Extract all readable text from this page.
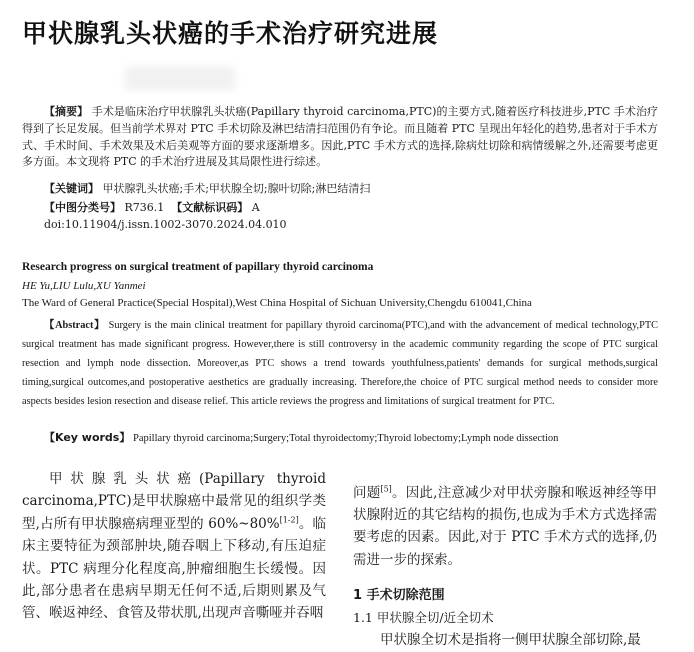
甲状腺乳头状癌的手术治疗研究进展

【摘要】 手术是临床治疗甲状腺乳头状癌(Papillary thyroid carcinoma,PTC)的主要方式,随着医疗科技进步,PTC 手术治疗得到了长足发展。但当前学术界对 PTC 手术切除及淋巴结清扫范围仍有争论。而且随着 PTC 呈现出年轻化的趋势,患者对于手术方式、手术时间、手术效果及术后美观等方面的要求逐渐增多。因此,PTC 手术方式的选择,除病灶切除和病情缓解之外,还需要考虑更多方面。本文现将 PTC 的手术治疗进展及其局限性进行综述。

【关键词】 甲状腺乳头状癌;手术;甲状腺全切;腺叶切除;淋巴结清扫

【中图分类号】 R736.1 【文献标识码】 A

doi:10.11904/j.issn.1002-3070.2024.04.010

Research progress on surgical treatment of papillary thyroid carcinoma

HE Yu,LIU Lulu,XU Yanmei

The Ward of General Practice(Special Hospital),West China Hospital of Sichuan University,Chengdu 610041,China

【Abstract】 Surgery is the main clinical treatment for papillary thyroid carcinoma(PTC),and with the advancement of medical technology,PTC surgical treatment has made significant progress. However,there is still controversy in the academic community regarding the scope of PTC surgical resection and lymph node dissection. Moreover,as PTC shows a trend towards youthfulness,patients' demands for surgical methods,surgical timing,surgical outcomes,and postoperative aesthetics are gradually increasing. Therefore,the choice of PTC surgical method needs to consider more aspects besides lesion resection and disease relief. This article reviews the progress and limitations of surgical treatment for PTC.

【Key words】 Papillary thyroid carcinoma;Surgery;Total thyroidectomy;Thyroid lobectomy;Lymph node dissection

甲状腺乳头状癌(Papillary thyroid carcinoma,PTC)是甲状腺癌中最常见的组织学类型,占所有甲状腺癌病理亚型的 60%~80%[1-2]。临床主要特征为颈部肿块,随吞咽上下移动,有压迫症状。PTC 病理分化程度高,肿瘤细胞生长缓慢。因此,部分患者在患病早期无任何不适,后期则累及气管、喉返神经、食管及带状肌,出现声音嘶哑并吞咽

问题[5]。因此,注意减少对甲状旁腺和喉返神经等甲状腺附近的其它结构的损伤,也成为手术方式选择需要考虑的因素。因此,对于 PTC 手术方式的选择,仍需进一步的探索。

1 手术切除范围

1.1 甲状腺全切/近全切术

甲状腺全切术是指将一侧甲状腺全部切除,最
